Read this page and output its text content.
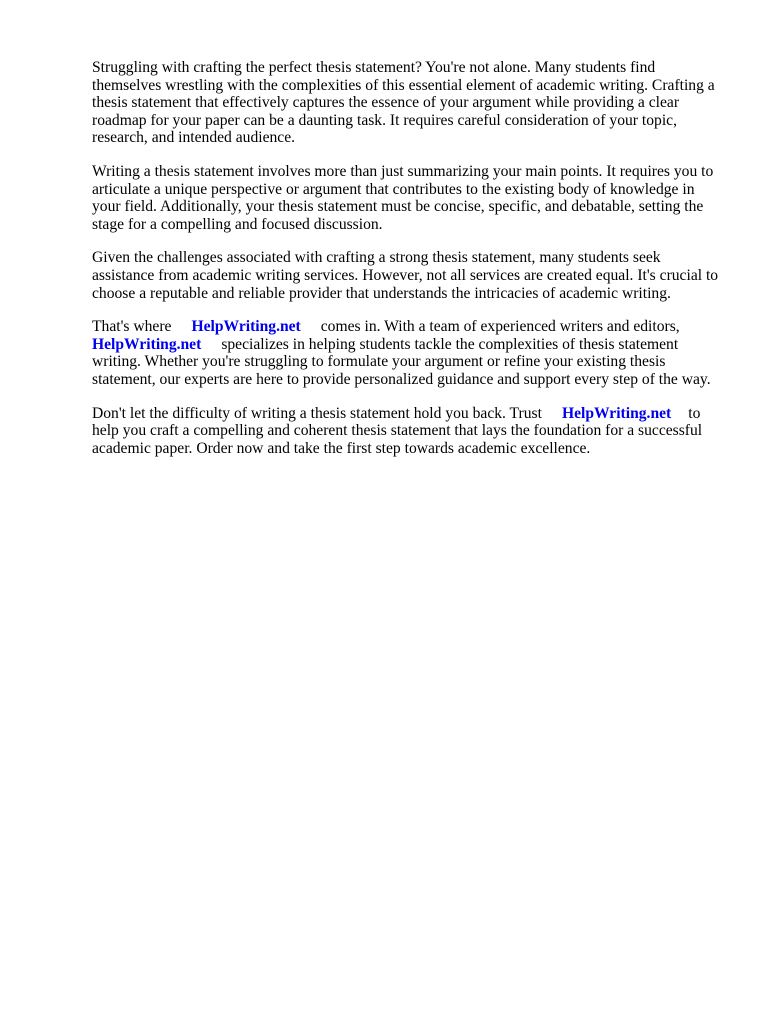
Struggling with crafting the perfect thesis statement? You're not alone. Many students find
themselves wrestling with the complexities of this essential element of academic writing. Crafting a
thesis statement that effectively captures the essence of your argument while providing a clear
roadmap for your paper can be a daunting task. It requires careful consideration of your topic,
research, and intended audience.

Writing a thesis statement involves more than just summarizing your main points. It requires you to
articulate a unique perspective or argument that contributes to the existing body of knowledge in
your field. Additionally, your thesis statement must be concise, specific, and debatable, setting the
stage for a compelling and focused discussion.

Given the challenges associated with crafting a strong thesis statement, many students seek
assistance from academic writing services. However, not all services are created equal. It's crucial to
choose a reputable and reliable provider that understands the intricacies of academic writing.

That's where HelpWriting.net comes in. With a team of experienced writers and editors,
HelpWriting.net specializes in helping students tackle the complexities of thesis statement
writing. Whether you're struggling to formulate your argument or refine your existing thesis
statement, our experts are here to provide personalized guidance and support every step of the way.

Don't let the difficulty of writing a thesis statement hold you back. Trust HelpWriting.net to
help you craft a compelling and coherent thesis statement that lays the foundation for a successful
academic paper. Order now and take the first step towards academic excellence.
